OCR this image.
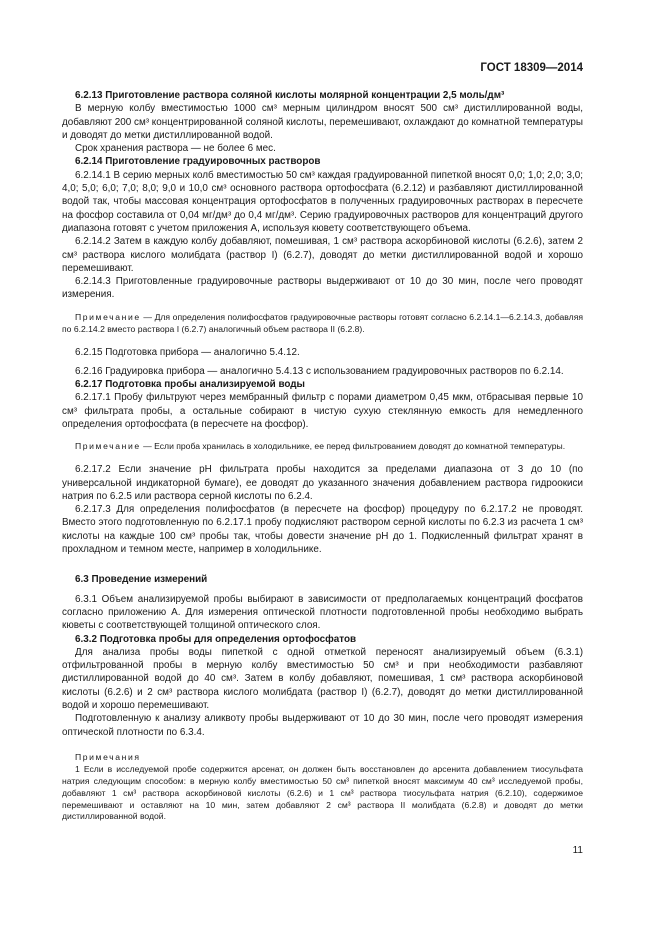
ГОСТ 18309—2014

6.2.13 Приготовление раствора соляной кислоты молярной концентрации 2,5 моль/дм³

В мерную колбу вместимостью 1000 см³ мерным цилиндром вносят 500 см³ дистиллированной воды, добавляют 200 см³ концентрированной соляной кислоты, перемешивают, охлаждают до комнатной температуры и доводят до метки дистиллированной водой.

Срок хранения раствора — не более 6 мес.

6.2.14 Приготовление градуировочных растворов

6.2.14.1 В серию мерных колб вместимостью 50 см³ каждая градуированной пипеткой вносят 0,0; 1,0; 2,0; 3,0; 4,0; 5,0; 6,0; 7,0; 8,0; 9,0 и 10,0 см³ основного раствора ортофосфата (6.2.12) и разбавляют дистиллированной водой так, чтобы массовая концентрация ортофосфатов в полученных градуировочных растворах в пересчете на фосфор составила от 0,04 мг/дм³ до 0,4 мг/дм³. Серию градуировочных растворов для концентраций другого диапазона готовят с учетом приложения А, используя кювету соответствующего объема.

6.2.14.2 Затем в каждую колбу добавляют, помешивая, 1 см³ раствора аскорбиновой кислоты (6.2.6), затем 2 см³ раствора кислого молибдата (раствор I) (6.2.7), доводят до метки дистиллированной водой и хорошо перемешивают.

6.2.14.3 Приготовленные градуировочные растворы выдерживают от 10 до 30 мин, после чего проводят измерения.

Примечание — Для определения полифосфатов градуировочные растворы готовят согласно 6.2.14.1—6.2.14.3, добавляя по 6.2.14.2 вместо раствора I (6.2.7) аналогичный объем раствора II (6.2.8).

6.2.15 Подготовка прибора — аналогично 5.4.12.

6.2.16 Градуировка прибора — аналогично 5.4.13 с использованием градуировочных растворов по 6.2.14.

6.2.17 Подготовка пробы анализируемой воды

6.2.17.1 Пробу фильтруют через мембранный фильтр с порами диаметром 0,45 мкм, отбрасывая первые 10 см³ фильтрата пробы, а остальные собирают в чистую сухую стеклянную емкость для немедленного определения ортофосфата (в пересчете на фосфор).

Примечание — Если проба хранилась в холодильнике, ее перед фильтрованием доводят до комнатной температуры.

6.2.17.2 Если значение pH фильтрата пробы находится за пределами диапазона от 3 до 10 (по универсальной индикаторной бумаге), ее доводят до указанного значения добавлением раствора гидроокиси натрия по 6.2.5 или раствора серной кислоты по 6.2.4.

6.2.17.3 Для определения полифосфатов (в пересчете на фосфор) процедуру по 6.2.17.2 не проводят. Вместо этого подготовленную по 6.2.17.1 пробу подкисляют раствором серной кислоты по 6.2.3 из расчета 1 см³ кислоты на каждые 100 см³ пробы так, чтобы довести значение pH до 1. Подкисленный фильтрат хранят в прохладном и темном месте, например в холодильнике.

6.3 Проведение измерений

6.3.1 Объем анализируемой пробы выбирают в зависимости от предполагаемых концентраций фосфатов согласно приложению А. Для измерения оптической плотности подготовленной пробы необходимо выбрать кюветы с соответствующей толщиной оптического слоя.

6.3.2 Подготовка пробы для определения ортофосфатов

Для анализа пробы воды пипеткой с одной отметкой переносят анализируемый объем (6.3.1) отфильтрованной пробы в мерную колбу вместимостью 50 см³ и при необходимости разбавляют дистиллированной водой до 40 см³. Затем в колбу добавляют, помешивая, 1 см³ раствора аскорбиновой кислоты (6.2.6) и 2 см³ раствора кислого молибдата (раствор I) (6.2.7), доводят до метки дистиллированной водой и хорошо перемешивают.

Подготовленную к анализу аликвоту пробы выдерживают от 10 до 30 мин, после чего проводят измерения оптической плотности по 6.3.4.

Примечания

1 Если в исследуемой пробе содержится арсенат, он должен быть восстановлен до арсенита добавлением тиосульфата натрия следующим способом: в мерную колбу вместимостью 50 см³ пипеткой вносят максимум 40 см³ исследуемой пробы, добавляют 1 см³ раствора аскорбиновой кислоты (6.2.6) и 1 см³ раствора тиосульфата натрия (6.2.10), содержимое перемешивают и оставляют на 10 мин, затем добавляют 2 см³ раствора II молибдата (6.2.8) и доводят до метки дистиллированной водой.

11
